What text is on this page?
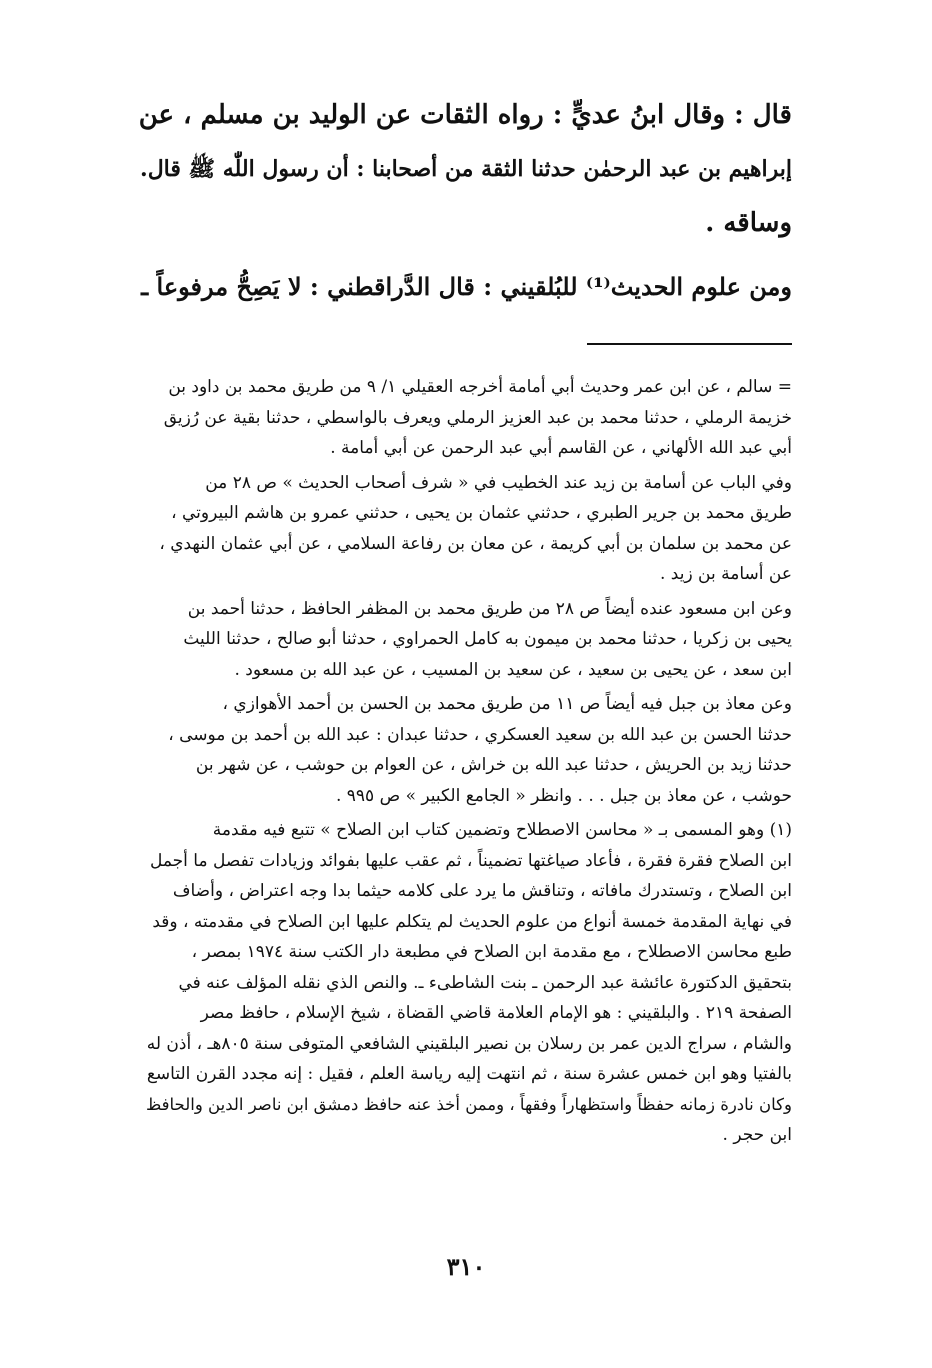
قال : وقال ابنُ عديٍّ : رواه الثقات عن الوليد بن مسلم ، عن
إبراهيم بن عبد الرحمٰن حدثنا الثقة من أصحابنا : أن رسول اللّٰه ﷺ قال.
وساقه .
ومن علوم الحديث⁽¹⁾ للبُلقيني : قال الدَّراقطني : لا يَصِحُّ مرفوعاً ـ
= سالم ، عن ابن عمر وحديث أبي أمامة أخرجه العقيلي ١/ ٩ من طريق محمد بن داود بن
خزيمة الرملي ، حدثنا محمد بن عبد العزيز الرملي ويعرف بالواسطي ، حدثنا بقية عن رُزيق
أبي عبد الله الألهاني ، عن القاسم أبي عبد الرحمن عن أبي أمامة .
وفي الباب عن أسامة بن زيد عند الخطيب في « شرف أصحاب الحديث » ص ٢٨ من
طريق محمد بن جرير الطبري ، حدثني عثمان بن يحيى ، حدثني عمرو بن هاشم البيروتي ،
عن محمد بن سلمان بن أبي كريمة ، عن معان بن رفاعة السلامي ، عن أبي عثمان النهدي ،
عن أسامة بن زيد .
وعن ابن مسعود عنده أيضاً ص ٢٨ من طريق محمد بن المظفر الحافظ ، حدثنا أحمد بن
يحيى بن زكريا ، حدثنا محمد بن ميمون به كامل الحمراوي ، حدثنا أبو صالح ، حدثنا الليث
ابن سعد ، عن يحيى بن سعيد ، عن سعيد بن المسيب ، عن عبد الله بن مسعود .
وعن معاذ بن جبل فيه أيضاً ص ١١ من طريق محمد بن الحسن بن أحمد الأهوازي ،
حدثنا الحسن بن عبد الله بن سعيد العسكري ، حدثنا عبدان : عبد الله بن أحمد بن موسى ،
حدثنا زيد بن الحريش ، حدثنا عبد الله بن خراش ، عن العوام بن حوشب ، عن شهر بن
حوشب ، عن معاذ بن جبل . . . وانظر « الجامع الكبير » ص ٩٩٥ .
(١) وهو المسمى بـ « محاسن الاصطلاح وتضمين كتاب ابن الصلاح » تتبع فيه مقدمة
ابن الصلاح فقرة فقرة ، فأعاد صياغتها تضميناً ، ثم عقب عليها بفوائد وزيادات تفصل ما أجمل
ابن الصلاح ، وتستدرك مافاته ، وتناقش ما يرد على كلامه حيثما بدا وجه اعتراض ، وأضاف
في نهاية المقدمة خمسة أنواع من علوم الحديث لم يتكلم عليها ابن الصلاح في مقدمته ، وقد
طبع محاسن الاصطلاح ، مع مقدمة ابن الصلاح في مطبعة دار الكتب سنة ١٩٧٤ بمصر ،
بتحقيق الدكتورة عائشة عبد الرحمن ـ بنت الشاطىء ـ. والنص الذي نقله المؤلف عنه في
الصفحة ٢١٩ . والبلقيني : هو الإمام العلامة قاضي القضاة ، شيخ الإسلام ، حافظ مصر
والشام ، سراج الدين عمر بن رسلان بن نصير البلقيني الشافعي المتوفى سنة ٨٠٥هـ ، أذن له
بالفتيا وهو ابن خمس عشرة سنة ، ثم انتهت إليه رياسة العلم ، فقيل : إنه مجدد القرن التاسع
وكان نادرة زمانه حفظاً واستظهاراً وفقهاً ، وممن أخذ عنه حافظ دمشق ابن ناصر الدين والحافظ
ابن حجر .
٣١٠
